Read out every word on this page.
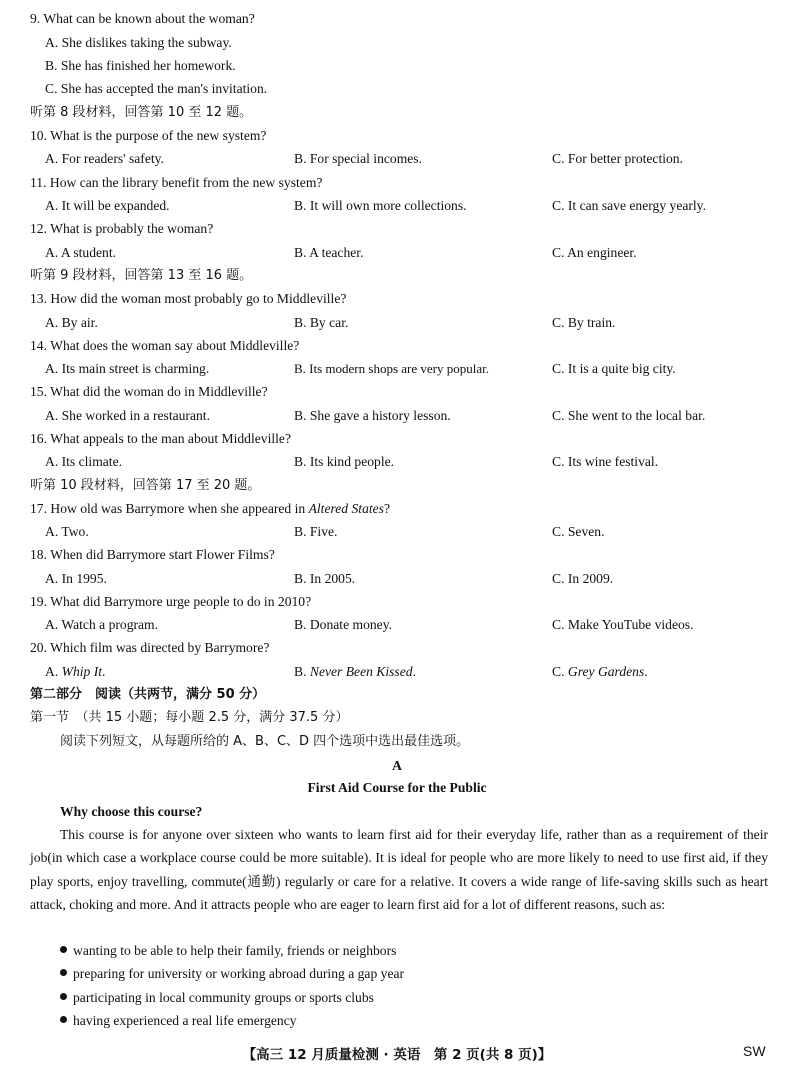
9. What can be known about the woman?
A. She dislikes taking the subway.
B. She has finished her homework.
C. She has accepted the man's invitation.
听第 8 段材料，回答第 10 至 12 题。
10. What is the purpose of the new system?
A. For readers' safety.	B. For special incomes.	C. For better protection.
11. How can the library benefit from the new system?
A. It will be expanded.	B. It will own more collections.	C. It can save energy yearly.
12. What is probably the woman?
A. A student.	B. A teacher.	C. An engineer.
听第 9 段材料，回答第 13 至 16 题。
13. How did the woman most probably go to Middleville?
A. By air.	B. By car.	C. By train.
14. What does the woman say about Middleville?
A. Its main street is charming.	B. Its modern shops are very popular.	C. It is a quite big city.
15. What did the woman do in Middleville?
A. She worked in a restaurant.	B. She gave a history lesson.	C. She went to the local bar.
16. What appeals to the man about Middleville?
A. Its climate.	B. Its kind people.	C. Its wine festival.
听第 10 段材料，回答第 17 至 20 题。
17. How old was Barrymore when she appeared in Altered States?
A. Two.	B. Five.	C. Seven.
18. When did Barrymore start Flower Films?
A. In 1995.	B. In 2005.	C. In 2009.
19. What did Barrymore urge people to do in 2010?
A. Watch a program.	B. Donate money.	C. Make YouTube videos.
20. Which film was directed by Barrymore?
A. Whip It.	B. Never Been Kissed.	C. Grey Gardens.
第二部分　阅读（共两节，满分 50 分）
第一节　（共 15 小题；每小题 2.5 分，满分 37.5 分）
阅读下列短文，从每题所给的 A、B、C、D 四个选项中选出最佳选项。
A
First Aid Course for the Public
Why choose this course?
This course is for anyone over sixteen who wants to learn first aid for their everyday life, rather than as a requirement of their job(in which case a workplace course could be more suitable). It is ideal for people who are more likely to need to use first aid, if they play sports, enjoy travelling, commute(通勤) regularly or care for a relative. It covers a wide range of life-saving skills such as heart attack, choking and more. And it attracts people who are eager to learn first aid for a lot of different reasons, such as:
wanting to be able to help their family, friends or neighbors
preparing for university or working abroad during a gap year
participating in local community groups or sports clubs
having experienced a real life emergency
【高三 12 月质量检测 · 英语　第 2 页(共 8 页)】	SW
